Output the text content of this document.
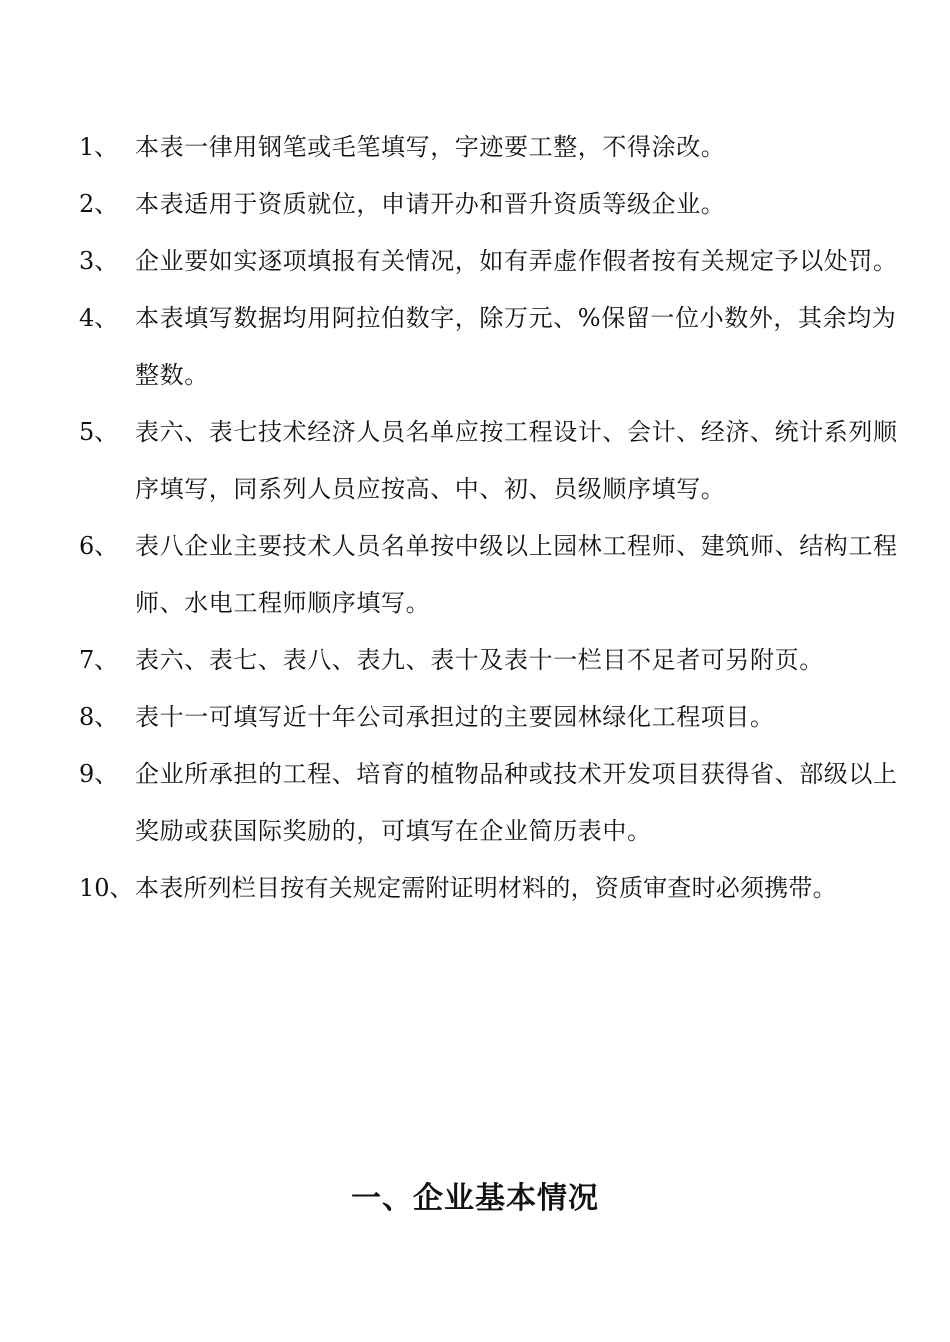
1、 本表一律用钢笔或毛笔填写，字迹要工整，不得涂改。
2、 本表适用于资质就位，申请开办和晋升资质等级企业。
3、 企业要如实逐项填报有关情况，如有弄虚作假者按有关规定予以处罚。
4、 本表填写数据均用阿拉伯数字，除万元、%保留一位小数外，其余均为整数。
5、 表六、表七技术经济人员名单应按工程设计、会计、经济、统计系列顺序填写，同系列人员应按高、中、初、员级顺序填写。
6、 表八企业主要技术人员名单按中级以上园林工程师、建筑师、结构工程师、水电工程师顺序填写。
7、 表六、表七、表八、表九、表十及表十一栏目不足者可另附页。
8、 表十一可填写近十年公司承担过的主要园林绿化工程项目。
9、 企业所承担的工程、培育的植物品种或技术开发项目获得省、部级以上奖励或获国际奖励的，可填写在企业简历表中。
10、 本表所列栏目按有关规定需附证明材料的，资质审查时必须携带。
一、企业基本情况
